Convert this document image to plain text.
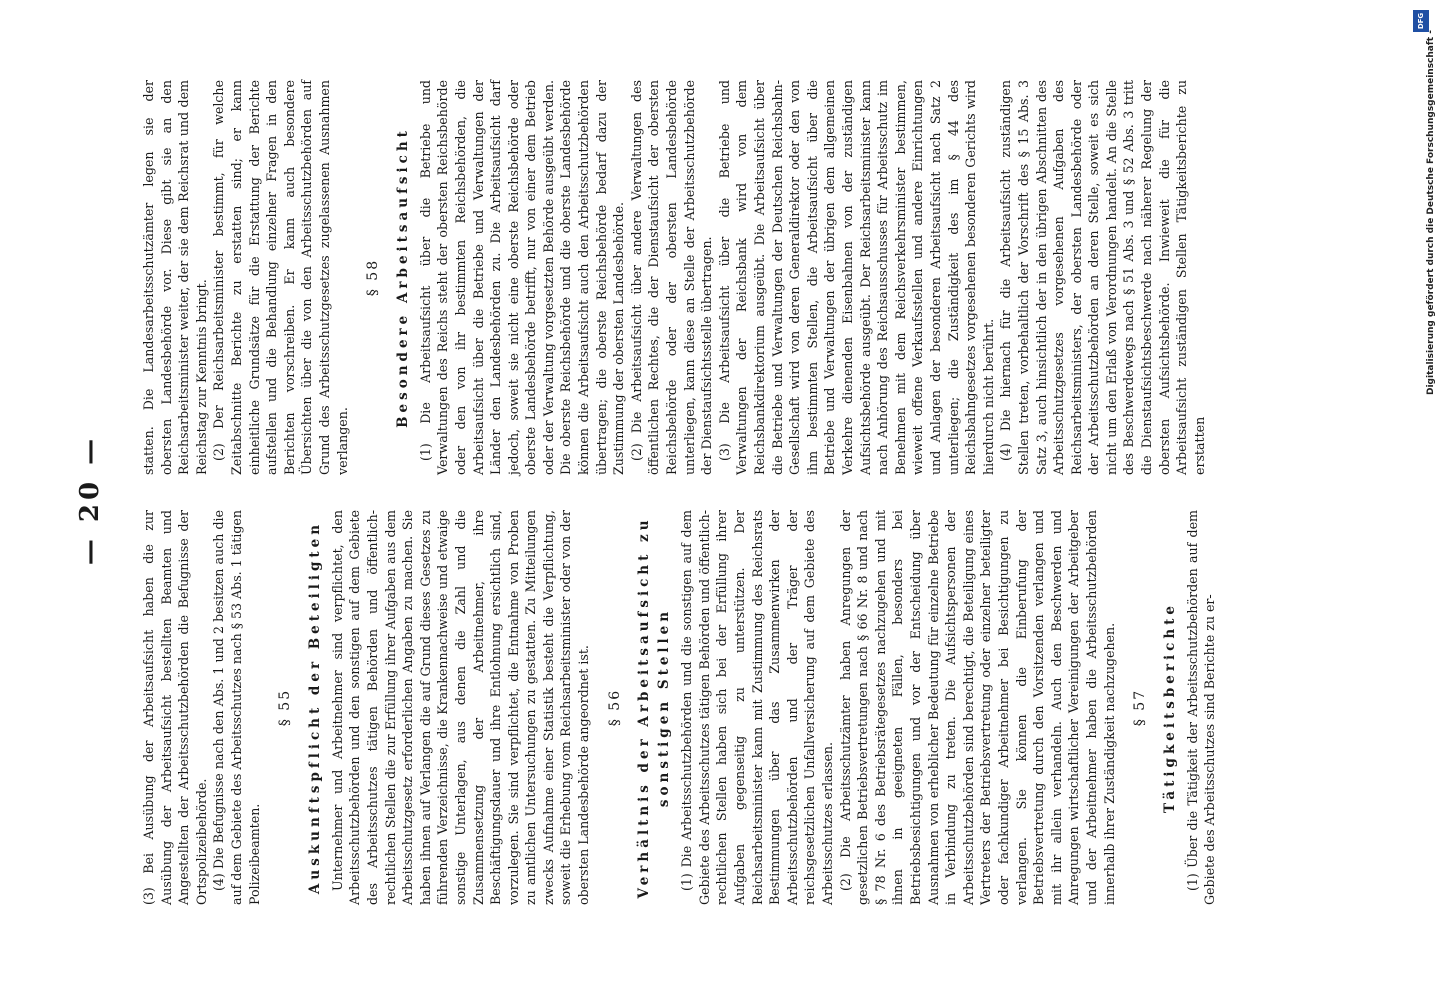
— 20 —

(3) Bei Ausübung der Arbeitsaufsicht haben die zur Ausübung der Arbeitsaufsicht bestellten Beamten und Angestellten der Arbeitsschutzbehörden die Befugnisse der Ortspolizeibehörde. (4) Die Befugnisse nach den Abs. 1 und 2 besitzen auch die auf dem Gebiete des Arbeitsschutzes nach § 53 Abs. 1 tätigen Polizeibeamten.

§ 55 Auskunftspflicht der Beteiligten Unternehmer und Arbeitnehmer sind verpflichtet, den Arbeitsschutzbehörden und den sonstigen auf dem Gebiete des Arbeitsschutzes tätigen Behörden und öffentlich-rechtlichen Stellen die zur Erfüllung ihrer Aufgaben aus dem Arbeitsschutzgesetz erforderlichen Angaben zu machen. Sie haben ihnen auf Verlangen die auf Grund dieses Gesetzes zu führenden Verzeichnisse, die Krankennachweise und etwaige sonstige Unterlagen, aus denen die Zahl und die Zusammensetzung der Arbeitnehmer, ihre Beschäftigungsdauer und ihre Entlohnung ersichtlich sind, vorzulegen. Sie sind verpflichtet, die Entnahme von Proben zu amtlichen Untersuchungen zu gestatten. Zu Mitteilungen zwecks Aufnahme einer Statistik besteht die Verpflichtung, soweit die Erhebung vom Reichsarbeitsminister oder von der obersten Landesbehörde angeordnet ist. § 56 Verhältnis der Arbeitsaufsicht zu sonstigen Stellen (1) Die Arbeitsschutzbehörden und die sonstigen auf dem Gebiete des Arbeitsschutzes tätigen Behörden und öffentlich-rechtlichen Stellen haben sich bei der Erfüllung ihrer Aufgaben gegenseitig zu unterstützen. Der Reichsarbeitsminister kann mit Zustimmung des Reichsrats Bestimmungen über das Zusammenwirken der Arbeitsschutzbehörden und der Träger der reichsgesetzlichen Unfallversicherung auf dem Gebiete des Arbeitsschutzes erlassen. (2) Die Arbeitsschutzämter haben Anregungen der gesetzlichen Betriebsvertretungen nach § 66 Nr. 8 und nach § 78 Nr. 6 des Betriebsrätegesetzes nachzugehen und mit ihnen in geeigneten Fällen, besonders bei Betriebsbesichtigungen und vor der Entscheidung über Ausnahmen von erheblicher Bedeutung für einzelne Betriebe in Verbindung zu treten. Die Aufsichtspersonen der Arbeitsschutzbehörden sind berechtigt, die Beteiligung eines Vertreters der Betriebsvertretung oder einzelner beteiligter oder fachkundiger Arbeitnehmer bei Besichtigungen zu verlangen. Sie können die Einberufung der Betriebsvertretung durch den Vorsitzenden verlangen und mit ihr allein verhandeln. Auch den Beschwerden und Anregungen wirtschaftlicher Vereinigungen der Arbeitgeber und der Arbeitnehmer haben die Arbeitsschutzbehörden innerhalb ihrer Zuständigkeit nachzugehen. § 57 Tätigkeitsberichte (1) Über die Tätigkeit der Arbeitsschutzbehörden auf dem Gebiete des Arbeitsschutzes sind Berichte zu er-

statten. Die Landesarbeitsschutzämter legen sie der obersten Landesbehörde vor. Diese gibt sie an den Reichsarbeitsminister weiter, der sie dem Reichsrat und dem Reichstag zur Kenntnis bringt. (2) Der Reichsarbeitsminister bestimmt, für welche Zeitabschnitte Berichte zu erstatten sind; er kann einheitliche Grundsätze für die Erstattung der Berichte aufstellen und die Behandlung einzelner Fragen in den Berichten vorschreiben. Er kann auch besondere Übersichten über die von den Arbeitsschutzbehörden auf Grund des Arbeitsschutzgesetzes zugelassenen Ausnahmen verlangen.

§ 58 Besondere Arbeitsaufsicht (1) Die Arbeitsaufsicht über die Betriebe und Verwaltungen des Reichs steht der obersten Reichsbehörde oder den von ihr bestimmten Reichsbehörden, die Arbeitsaufsicht über die Betriebe und Verwaltungen der Länder den Landesbehörden zu. Die Arbeitsaufsicht darf jedoch, soweit sie nicht eine oberste Reichsbehörde oder oberste Landesbehörde betrifft, nur von einer dem Betrieb oder der Verwaltung vorgesetzten Behörde ausgeübt werden. Die oberste Reichsbehörde und die oberste Landesbehörde können die Arbeitsaufsicht auch den Arbeitsschutzbehörden übertragen; die oberste Reichsbehörde bedarf dazu der Zustimmung der obersten Landesbehörde. (2) Die Arbeitsaufsicht über andere Verwaltungen des öffentlichen Rechtes, die der Dienstaufsicht der obersten Reichsbehörde oder der obersten Landesbehörde unterliegen, kann diese an Stelle der Arbeitsschutzbehörde der Dienstaufsichtsstelle übertragen. (3) Die Arbeitsaufsicht über die Betriebe und Verwaltungen der Reichsbank wird von dem Reichsbankdirektorium ausgeübt. Die Arbeitsaufsicht über die Betriebe und Verwaltungen der Deutschen Reichsbahn-Gesellschaft wird von deren Generaldirektor oder den von ihm bestimmten Stellen, die Arbeitsaufsicht über die Betriebe und Verwaltungen der übrigen dem allgemeinen Verkehre dienenden Eisenbahnen von der zuständigen Aufsichtsbehörde ausgeübt. Der Reichsarbeitsminister kann nach Anhörung des Reichsausschusses für Arbeitsschutz im Benehmen mit dem Reichsverkehrsminister bestimmen, wieweit offene Verkaufsstellen und andere Einrichtungen und Anlagen der besonderen Arbeitsaufsicht nach Satz 2 unterliegen; die Zuständigkeit des im § 44 des Reichsbahngesetzes vorgesehenen besonderen Gerichts wird hierdurch nicht berührt. (4) Die hiernach für die Arbeitsaufsicht zuständigen Stellen treten, vorbehaltlich der Vorschrift des § 15 Abs. 3 Satz 3, auch hinsichtlich der in den übrigen Abschnitten des Arbeitsschutzgesetzes vorgesehenen Aufgaben des Reichsarbeitsministers, der obersten Landesbehörde oder der Arbeitsschutzbehörden an deren Stelle, soweit es sich nicht um den Erlaß von Verordnungen handelt. An die Stelle des Beschwerdewegs nach § 51 Abs. 3 und § 52 Abs. 3 tritt die Dienstaufsichtsbeschwerde nach näherer Regelung der obersten Aufsichtsbehörde. Inwieweit die für die Arbeitsaufsicht zuständigen Stellen Tätigkeitsberichte zu erstatten

DFG
Digitalisierung gefördert durch die Deutsche Forschungsgemeinschaft -
